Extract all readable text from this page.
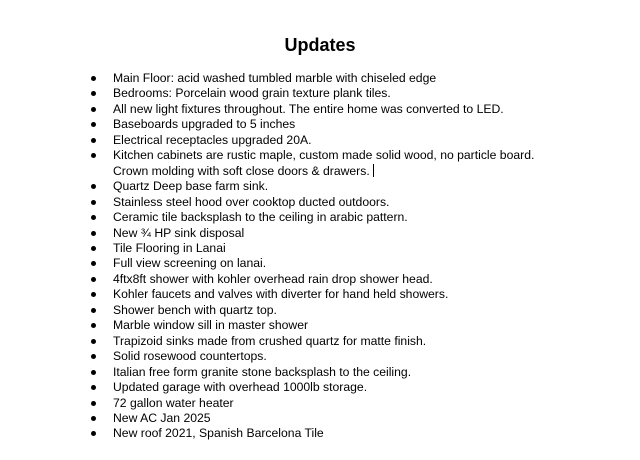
Updates
Main Floor: acid washed tumbled marble with chiseled edge
Bedrooms: Porcelain wood grain texture plank tiles.
All new light fixtures throughout. The entire home was converted to LED.
Baseboards upgraded to 5 inches
Electrical receptacles upgraded 20A.
Kitchen cabinets are rustic maple, custom made solid wood, no particle board. Crown molding with soft close doors & drawers.
Quartz Deep base farm sink.
Stainless steel hood over cooktop ducted outdoors.
Ceramic tile backsplash to the ceiling in arabic pattern.
New ¾ HP sink disposal
Tile Flooring in Lanai
Full view screening on lanai.
4ftx8ft shower with kohler overhead rain drop shower head.
Kohler faucets and valves with diverter for hand held showers.
Shower bench with quartz top.
Marble window sill in master shower
Trapizoid sinks made from crushed quartz for matte finish.
Solid rosewood countertops.
Italian free form granite stone backsplash to the ceiling.
Updated garage with overhead 1000lb storage.
72 gallon water heater
New AC Jan 2025
New roof 2021, Spanish Barcelona Tile
